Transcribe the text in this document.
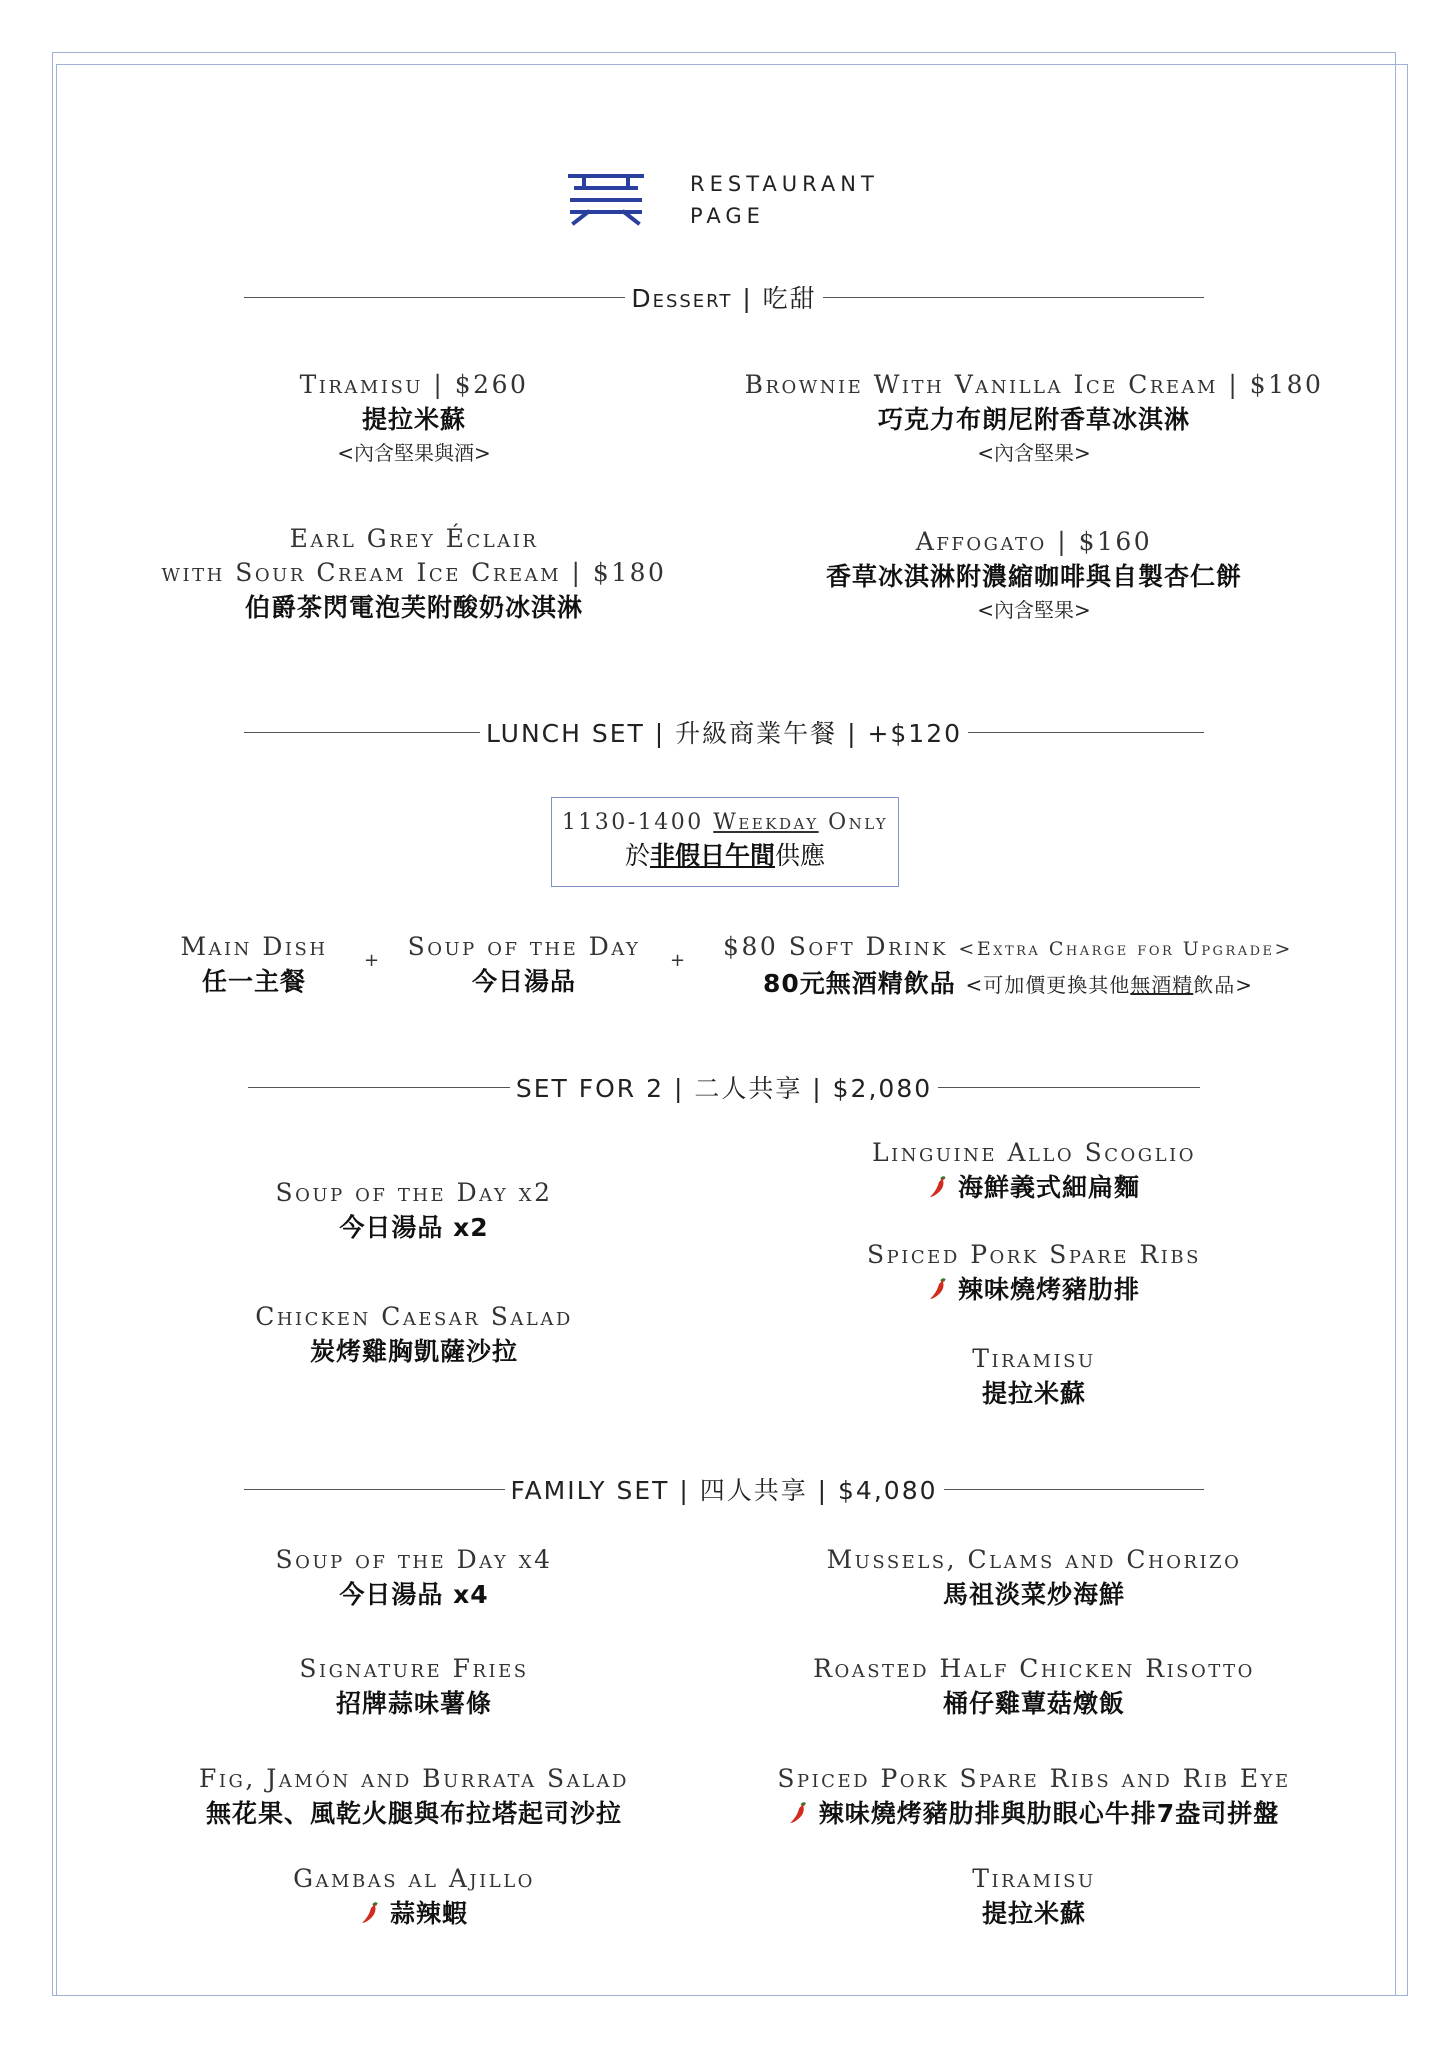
RESTAURANT
PAGE
Dessert | 吃甜
Tiramisu | $260
提拉米蘇
<內含堅果與酒>
Brownie With Vanilla Ice Cream | $180
巧克力布朗尼附香草冰淇淋
<內含堅果>
Earl Grey Éclair
with Sour Cream Ice Cream | $180
伯爵茶閃電泡芙附酸奶冰淇淋
Affogato | $160
香草冰淇淋附濃縮咖啡與自製杏仁餅
<內含堅果>
LUNCH SET | 升級商業午餐 | +$120
1130-1400 Weekday Only
於非假日午間供應
Main Dish
任一主餐
+ Soup of the Day
今日湯品
+ $80 Soft Drink <Extra Charge for Upgrade>
80元無酒精飲品 <可加價更換其他無酒精飲品>
SET FOR 2 | 二人共享 | $2,080
Soup of the Day x2
今日湯品 x2
Chicken Caesar Salad
炭烤雞胸凱薩沙拉
Linguine Allo Scoglio
海鮮義式細扁麵
Spiced Pork Spare Ribs
辣味燒烤豬肋排
Tiramisu
提拉米蘇
FAMILY SET | 四人共享 | $4,080
Soup of the Day x4
今日湯品 x4
Signature Fries
招牌蒜味薯條
Fig, Jamón and Burrata Salad
無花果、風乾火腿與布拉塔起司沙拉
Gambas al Ajillo
蒜辣蝦
Mussels, Clams and Chorizo
馬祖淡菜炒海鮮
Roasted Half Chicken Risotto
桶仔雞蕈菇燉飯
Spiced Pork Spare Ribs and Rib Eye
辣味燒烤豬肋排與肋眼心牛排7盎司拼盤
Tiramisu
提拉米蘇
